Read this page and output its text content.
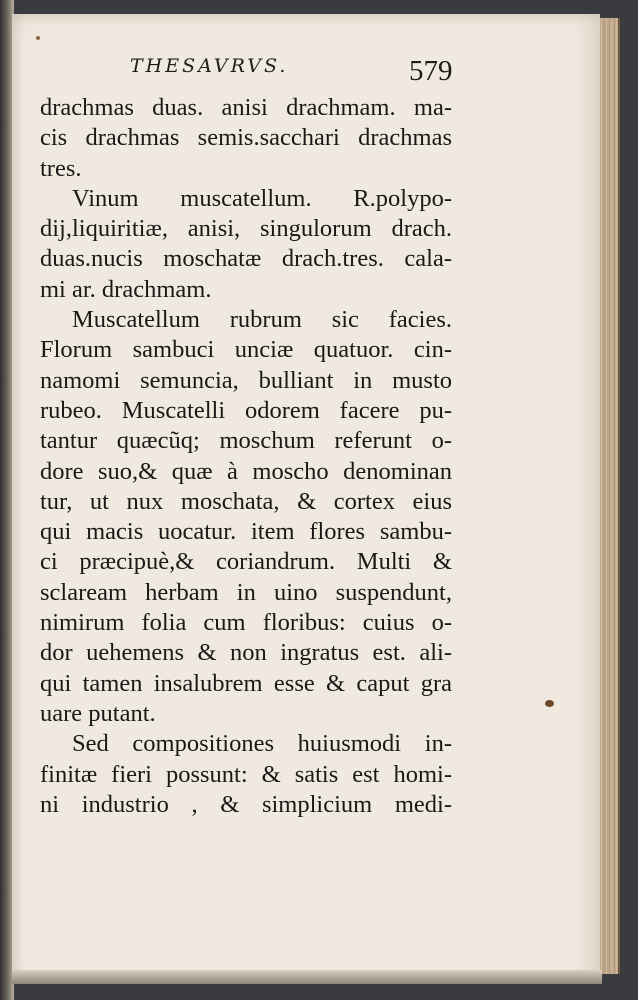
THESAVRVS.	579
drachmas duas. anisi drachmam. ma-
cis drachmas semis.sacchari drachmas
tres.
Vinum muscatellum. R.polypo-
dij,liquiritiæ, anisi, singulorum drach.
duas.nucis moschatæ drach.tres. cala-
mi ar. drachmam.
Muscatellum rubrum sic facies.
Florum sambuci unciæ quatuor. cin-
namomi semuncia, bulliant in musto
rubeo. Muscatelli odorem facere pu-
tantur quæcũq; moschum referunt o-
dore suo,& quæ à moscho denominan
tur, ut nux moschata, & cortex eius
qui macis uocatur. item flores sambu-
ci præcipuè,& coriandrum. Multi &
sclaream herbam in uino suspendunt,
nimirum folia cum floribus: cuius o-
dor uehemens & non ingratus est. ali-
qui tamen insalubrem esse & caput gra
uare putant.
Sed compositiones huiusmodi in-
finitæ fieri possunt: & satis est homi-
ni industrio , & simplicium medi-
